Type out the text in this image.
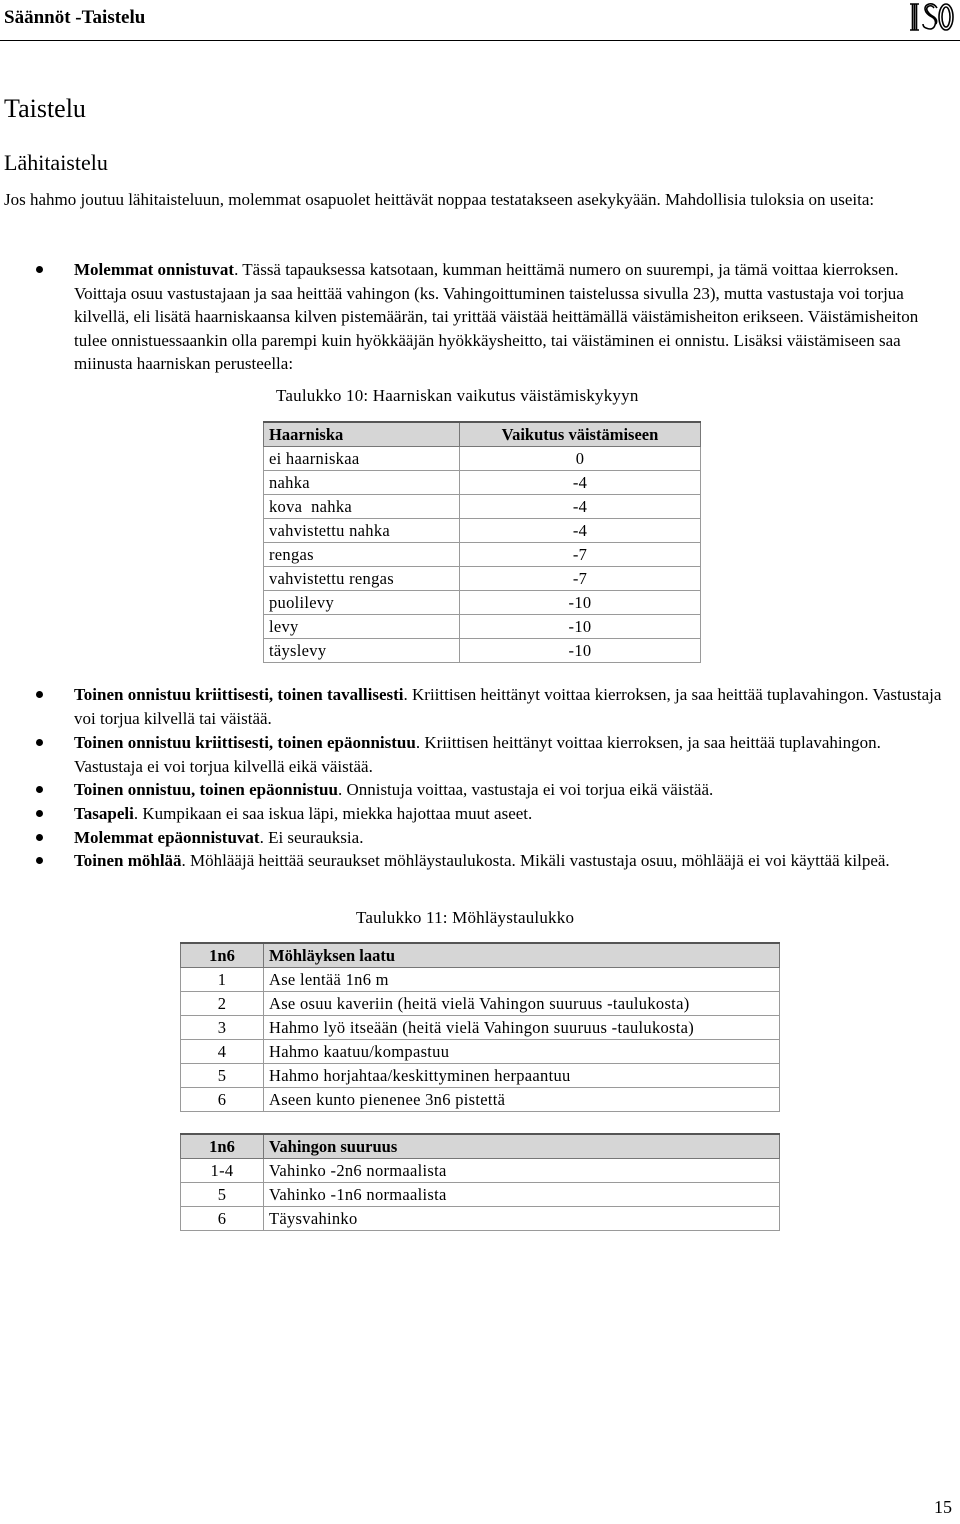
Säännöt -Taistelu
Taistelu
Lähitaistelu
Jos hahmo joutuu lähitaisteluun, molemmat osapuolet heittävät noppaa testatakseen asekykyään. Mahdollisia tuloksia on useita:
Molemmat onnistuvat. Tässä tapauksessa katsotaan, kumman heittämä numero on suurempi, ja tämä voittaa kierroksen. Voittaja osuu vastustajaan ja saa heittää vahingon (ks. Vahingoittuminen taistelussa sivulla 23), mutta vastustaja voi torjua kilvellä, eli lisätä haarniskaansa kilven pistemäärän, tai yrittää väistää heittämällä väistämisheiton erikseen. Väistämisheiton tulee onnistuessaankin olla parempi kuin hyökkääjän hyökkäysheitto, tai väistäminen ei onnistu. Lisäksi väistämiseen saa miinusta haarniskan perusteella:
Taulukko 10: Haarniskan vaikutus väistämiskykyyn
Haarniska	Vaikutus väistämiseen
ei haarniskaa	0
nahka	-4
kova  nahka	-4
vahvistettu nahka	-4
rengas	-7
vahvistettu rengas	-7
puolilevy	-10
levy	-10
täyslevy	-10
Toinen onnistuu kriittisesti, toinen tavallisesti. Kriittisen heittänyt voittaa kierroksen, ja saa heittää tuplavahingon. Vastustaja voi torjua kilvellä tai väistää.
Toinen onnistuu kriittisesti, toinen epäonnistuu. Kriittisen heittänyt voittaa kierroksen, ja saa heittää tuplavahingon. Vastustaja ei voi torjua kilvellä eikä väistää.
Toinen onnistuu, toinen epäonnistuu. Onnistuja voittaa, vastustaja ei voi torjua eikä väistää.
Tasapeli. Kumpikaan ei saa iskua läpi, miekka hajottaa muut aseet.
Molemmat epäonnistuvat. Ei seurauksia.
Toinen möhlää. Möhlääjä heittää seuraukset möhläystaulukosta. Mikäli vastustaja osuu, möhlääjä ei voi käyttää kilpeä.
Taulukko 11: Möhläystaulukko
1n6	Möhläyksen laatu
1	Ase lentää 1n6 m
2	Ase osuu kaveriin (heitä vielä Vahingon suuruus -taulukosta)
3	Hahmo lyö itseään (heitä vielä Vahingon suuruus -taulukosta)
4	Hahmo kaatuu/kompastuu
5	Hahmo horjahtaa/keskittyminen herpaantuu
6	Aseen kunto pienenee 3n6 pistettä
1n6	Vahingon suuruus
1-4	Vahinko -2n6 normaalista
5	Vahinko -1n6 normaalista
6	Täysvahinko
15
